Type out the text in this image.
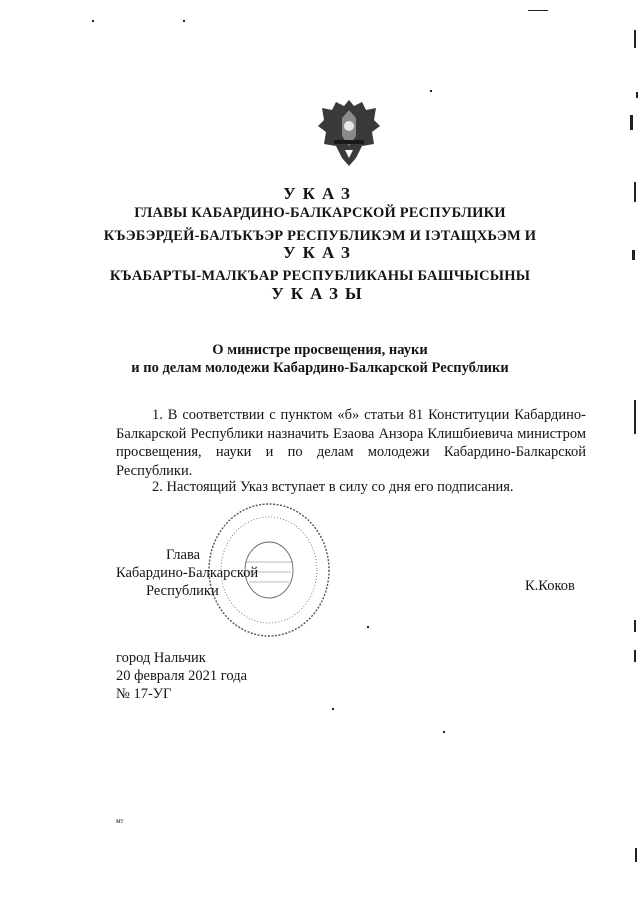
УКАЗ
ГЛАВЫ КАБАРДИНО-БАЛКАРСКОЙ РЕСПУБЛИКИ
КЪЭБЭРДЕЙ-БАЛЪКЪЭР РЕСПУБЛИКЭМ И ІЭТАЩХЬЭМ И
УКАЗ
КЪАБАРТЫ-МАЛКЪАР РЕСПУБЛИКАНЫ БАШЧЫСЫНЫ
УКАЗЫ
О министре просвещения, науки
и по делам молодежи Кабардино-Балкарской Республики
1. В соответствии с пунктом «б» статьи 81 Конституции Кабардино-Балкарской Республики назначить Езаова Анзора Клишбиевича министром просвещения, науки и по делам молодежи Кабардино-Балкарской Республики.
2. Настоящий Указ вступает в силу со дня его подписания.
Глава
Кабардино-Балкарской
Республики	К.Коков
город Нальчик
20 февраля 2021 года
№ 17-УГ
мт
